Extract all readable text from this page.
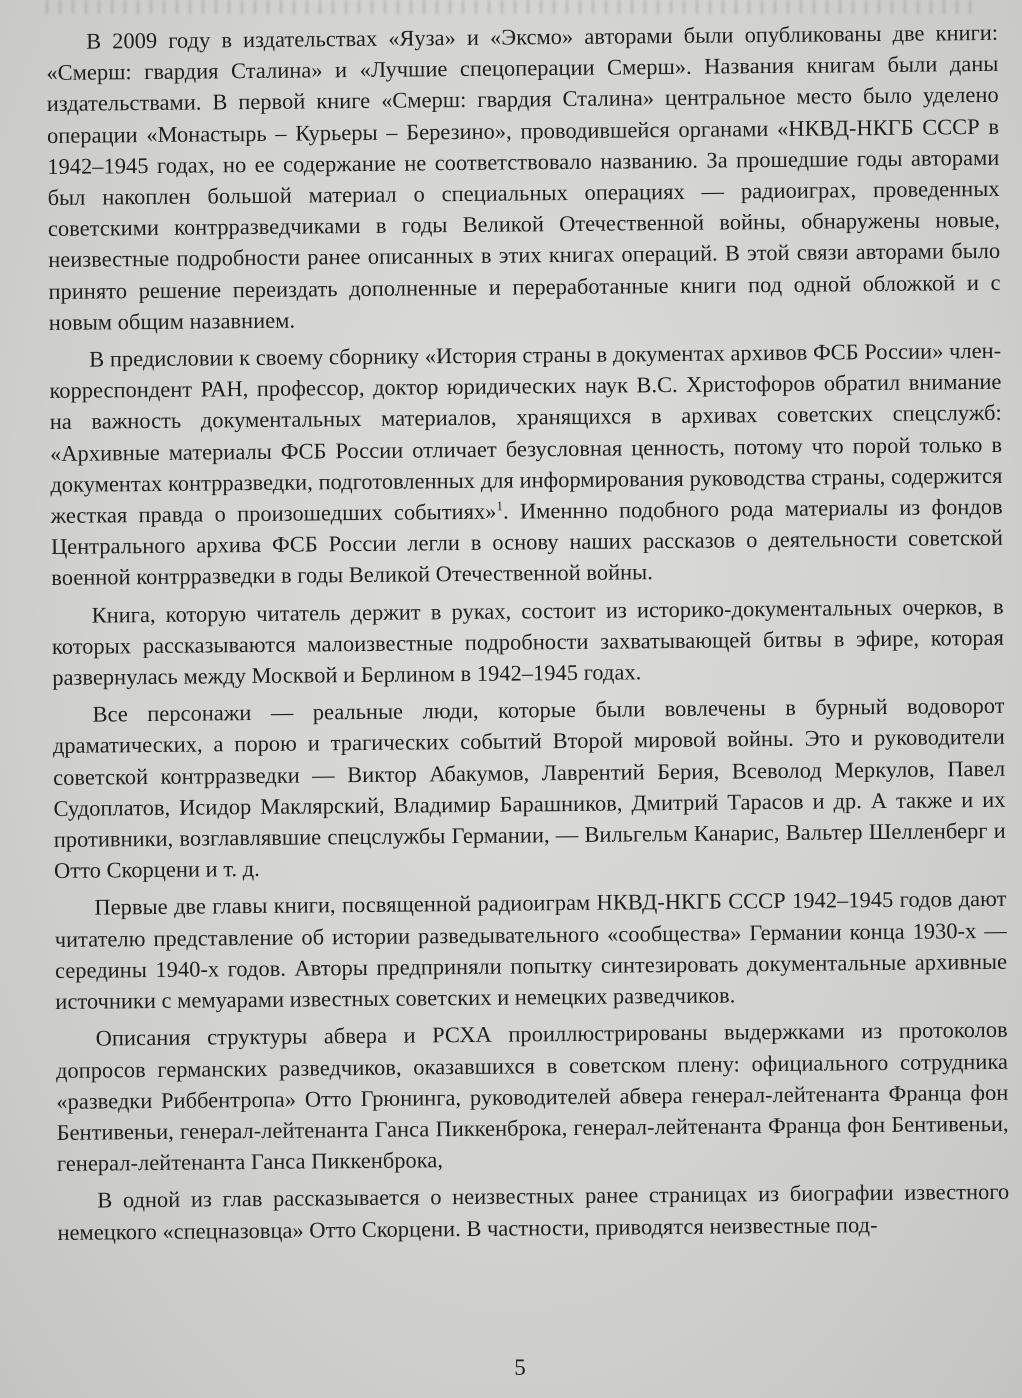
В 2009 году в издательствах «Яуза» и «Эксмо» авторами были опубликованы две книги: «Смерш: гвардия Сталина» и «Лучшие спецоперации Смерш». Названия книгам были даны издательствами. В первой книге «Смерш: гвардия Сталина» центральное место было уделено операции «Монастырь – Курьеры – Березино», проводившейся органами «НКВД-НКГБ СССР в 1942–1945 годах, но ее содержание не соответствовало названию. За прошедшие годы авторами был накоплен большой материал о специальных операциях — радиоиграх, проведенных советскими контрразведчиками в годы Великой Отечественной войны, обнаружены новые, неизвестные подробности ранее описанных в этих книгах операций. В этой связи авторами было принято решение переиздать дополненные и переработанные книги под одной обложкой и с новым общим назавнием.

В предисловии к своему сборнику «История страны в документах архивов ФСБ России» член-корреспондент РАН, профессор, доктор юридических наук В.С. Христофоров обратил внимание на важность документальных материалов, хранящихся в архивах советских спецслужб: «Архивные материалы ФСБ России отличает безусловная ценность, потому что порой только в документах контрразведки, подготовленных для информирования руководства страны, содержится жесткая правда о произошедших событиях»$^1$. Именнно подобного рода материалы из фондов Центрального архива ФСБ России легли в основу наших рассказов о деятельности советской военной контрразведки в годы Великой Отечественной войны.

Книга, которую читатель держит в руках, состоит из историко-документальных очерков, в которых рассказываются малоизвестные подробности захватывающей битвы в эфире, которая развернулась между Москвой и Берлином в 1942–1945 годах.

Все персонажи — реальные люди, которые были вовлечены в бурный водоворот драматических, а порою и трагических событий Второй мировой войны. Это и руководители советской контрразведки — Виктор Абакумов, Лаврентий Берия, Всеволод Меркулов, Павел Судоплатов, Исидор Маклярский, Владимир Барашников, Дмитрий Тарасов и др. А также и их противники, возглавлявшие спецслужбы Германии, — Вильгельм Канарис, Вальтер Шелленберг и Отто Скорцени и т. д.

Первые две главы книги, посвященной радиоиграм НКВД-НКГБ СССР 1942–1945 годов дают читателю представление об истории разведывательного «сообщества» Германии конца 1930-х — середины 1940-х годов. Авторы предприняли попытку синтезировать документальные архивные источники с мемуарами известных советских и немецких разведчиков.

Описания структуры абвера и РСХА проиллюстрированы выдержками из протоколов допросов германских разведчиков, оказавшихся в советском плену: официального сотрудника «разведки Риббентропа» Отто Грюнинга, руководителей абвера генерал-лейтенанта Франца фон Бентивеньи, генерал-лейтенанта Ганса Пиккенброка, генерал-лейтенанта Франца фон Бентивеньи, генерал-лейтенанта Ганса Пиккенброка,

В одной из глав рассказывается о неизвестных ранее страницах из биографии известного немецкого «спецназовца» Отто Скорцени. В частности, приводятся неизвестные под-

5
